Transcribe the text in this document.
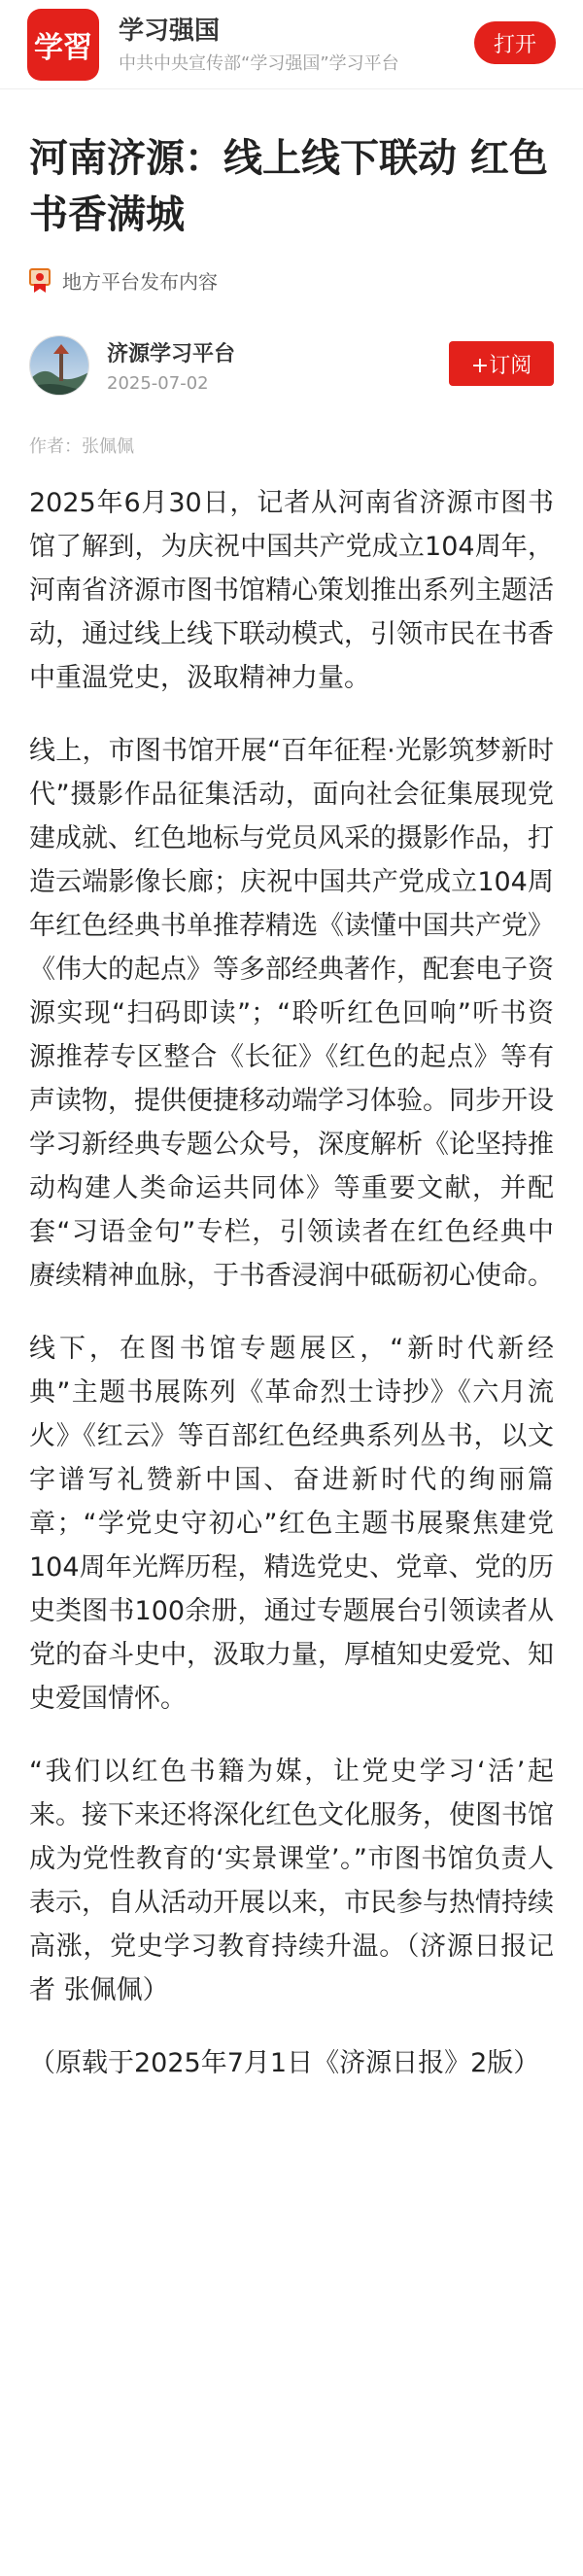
学習 学习强国
中共中央宣传部“学习强国”学习平台
打开
河南济源：线上线下联动 红色书香满城
地方平台发布内容
济源学习平台
2025-07-02
+订阅
作者：张佩佩

2025年6月30日，记者从河南省济源市图书馆了解到，为庆祝中国共产党成立104周年，河南省济源市图书馆精心策划推出系列主题活动，通过线上线下联动模式，引领市民在书香中重温党史，汲取精神力量。

线上，市图书馆开展“百年征程·光影筑梦新时代”摄影作品征集活动，面向社会征集展现党建成就、红色地标与党员风采的摄影作品，打造云端影像长廊；庆祝中国共产党成立104周年红色经典书单推荐精选《读懂中国共产党》《伟大的起点》等多部经典著作，配套电子资源实现“扫码即读”；“聆听红色回响”听书资源推荐专区整合《长征》《红色的起点》等有声读物，提供便捷移动端学习体验。同步开设学习新经典专题公众号，深度解析《论坚持推动构建人类命运共同体》等重要文献，并配套“习语金句”专栏，引领读者在红色经典中赓续精神血脉，于书香浸润中砥砺初心使命。

线下，在图书馆专题展区，“新时代新经典”主题书展陈列《革命烈士诗抄》《六月流火》《红云》等百部红色经典系列丛书，以文字谱写礼赞新中国、奋进新时代的绚丽篇章；“学党史守初心”红色主题书展聚焦建党104周年光辉历程，精选党史、党章、党的历史类图书100余册，通过专题展台引领读者从党的奋斗史中，汲取力量，厚植知史爱党、知史爱国情怀。

“我们以红色书籍为媒，让党史学习‘活’起来。接下来还将深化红色文化服务，使图书馆成为党性教育的‘实景课堂’。”市图书馆负责人表示，自从活动开展以来，市民参与热情持续高涨，党史学习教育持续升温。（济源日报记者 张佩佩）

（原载于2025年7月1日《济源日报》2版）
